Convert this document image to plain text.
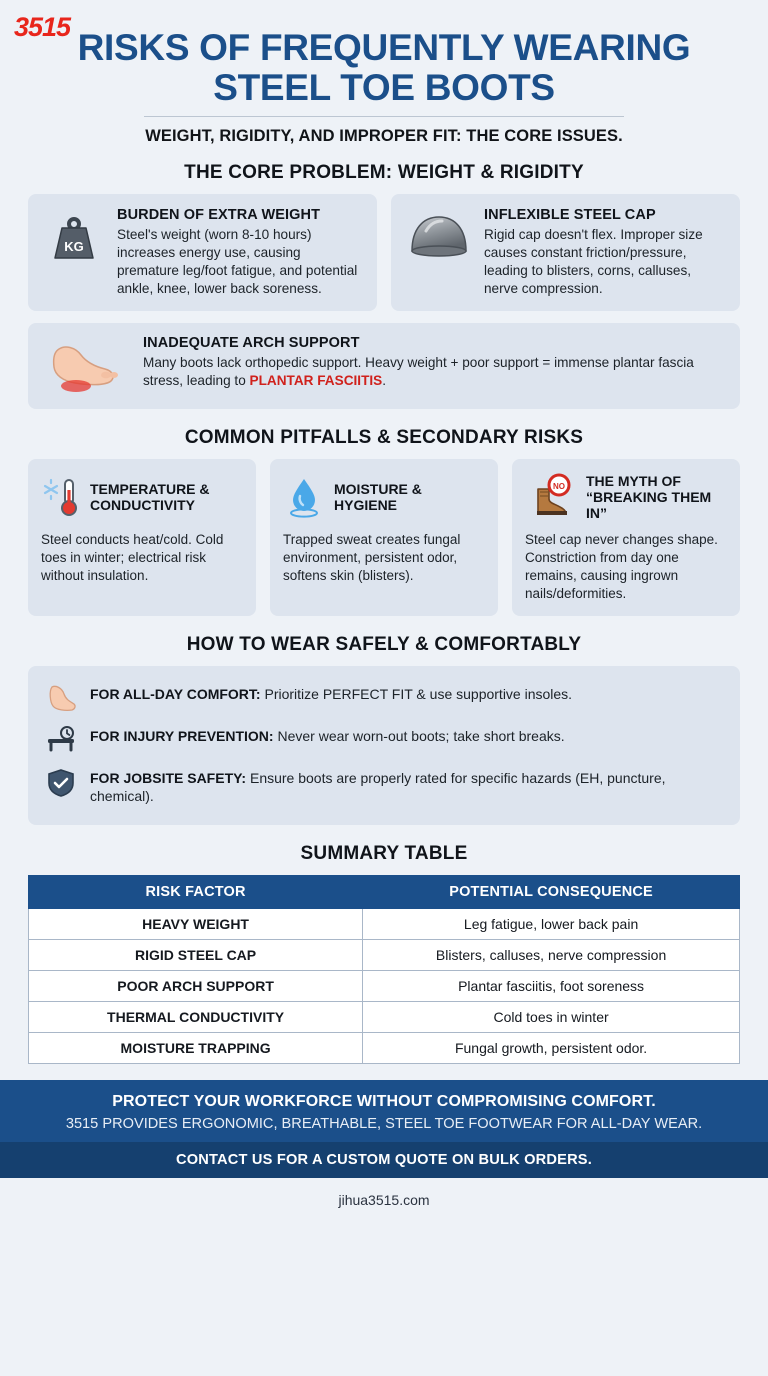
3515 RISKS OF FREQUENTLY WEARING STEEL TOE BOOTS
WEIGHT, RIGIDITY, AND IMPROPER FIT: THE CORE ISSUES.
THE CORE PROBLEM: WEIGHT & RIGIDITY
KG
BURDEN OF EXTRA WEIGHT
Steel's weight (worn 8-10 hours) increases energy use, causing premature leg/foot fatigue, and potential ankle, knee, lower back soreness.
INFLEXIBLE STEEL CAP
Rigid cap doesn't flex. Improper size causes constant friction/pressure, leading to blisters, corns, calluses, nerve compression.
INADEQUATE ARCH SUPPORT
Many boots lack orthopedic support. Heavy weight + poor support = immense plantar fascia stress, leading to PLANTAR FASCIITIS.
COMMON PITFALLS & SECONDARY RISKS
TEMPERATURE & CONDUCTIVITY
Steel conducts heat/cold. Cold toes in winter; electrical risk without insulation.
MOISTURE & HYGIENE
Trapped sweat creates fungal environment, persistent odor, softens skin (blisters).
NO THE MYTH OF “BREAKING THEM IN”
Steel cap never changes shape. Constriction from day one remains, causing ingrown nails/deformities.
HOW TO WEAR SAFELY & COMFORTABLY
FOR ALL-DAY COMFORT: Prioritize PERFECT FIT & use supportive insoles.
FOR INJURY PREVENTION: Never wear worn-out boots; take short breaks.
FOR JOBSITE SAFETY: Ensure boots are properly rated for specific hazards (EH, puncture, chemical).
SUMMARY TABLE
RISK FACTOR	POTENTIAL CONSEQUENCE
HEAVY WEIGHT	Leg fatigue, lower back pain
RIGID STEEL CAP	Blisters, calluses, nerve compression
POOR ARCH SUPPORT	Plantar fasciitis, foot soreness
THERMAL CONDUCTIVITY	Cold toes in winter
MOISTURE TRAPPING	Fungal growth, persistent odor.
PROTECT YOUR WORKFORCE WITHOUT COMPROMISING COMFORT.
3515 PROVIDES ERGONOMIC, BREATHABLE, STEEL TOE FOOTWEAR FOR ALL-DAY WEAR.
CONTACT US FOR A CUSTOM QUOTE ON BULK ORDERS.
jihua3515.com
